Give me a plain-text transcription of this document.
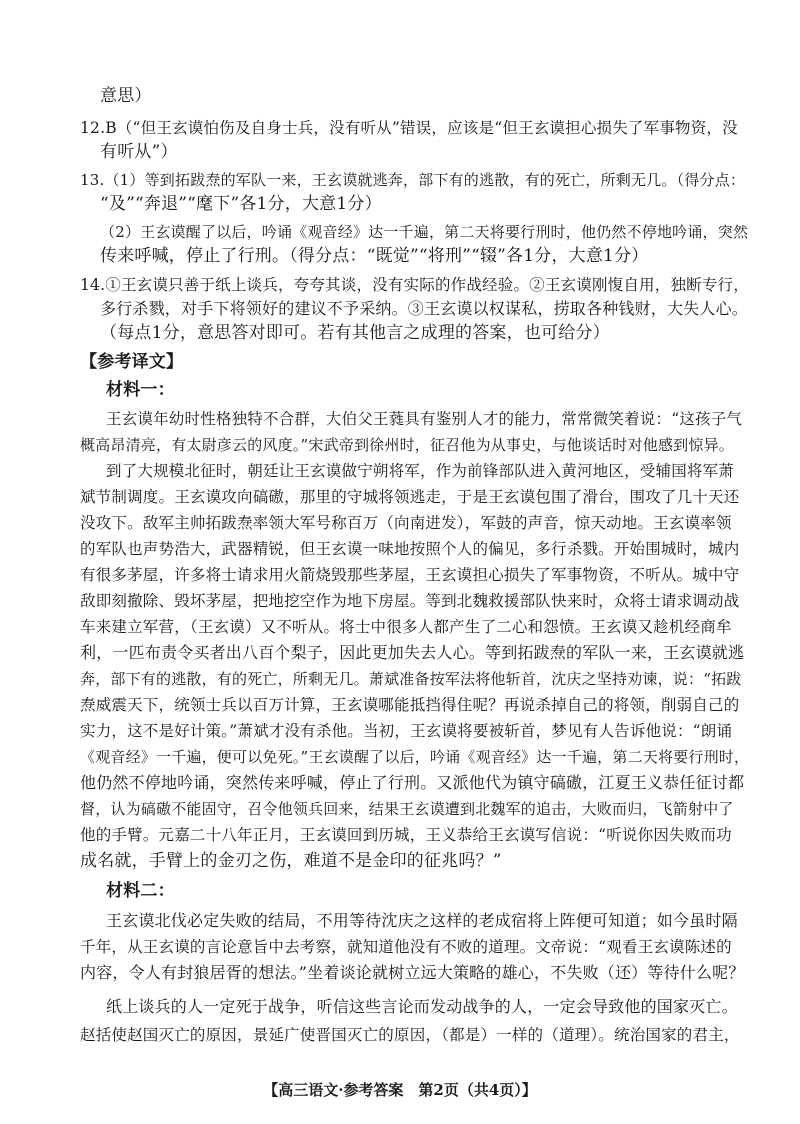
意思）
12.B（“但王玄谟怕伤及自身士兵，没有听从”错误，应该是“但王玄谟担心损失了军事物资，没
有听从”）
13.（1）等到拓跋焘的军队一来，王玄谟就逃奔，部下有的逃散，有的死亡，所剩无几。（得分点：
“及”“奔退”“麾下”各1分，大意1分）
（2）王玄谟醒了以后，吟诵《观音经》达一千遍，第二天将要行刑时，他仍然不停地吟诵，突然
传来呼喊，停止了行刑。（得分点：“既觉”“将刑”“辍”各1分，大意1分）
14.①王玄谟只善于纸上谈兵，夸夸其谈，没有实际的作战经验。②王玄谟刚愎自用，独断专行，
多行杀戮，对手下将领好的建议不予采纳。③王玄谟以权谋私，捞取各种钱财，大失人心。
（每点1分，意思答对即可。若有其他言之成理的答案，也可给分）
【参考译文】
材料一：
王玄谟年幼时性格独特不合群，大伯父王蕤具有鉴别人才的能力，常常微笑着说：“这孩子气
概高昂清亮，有太尉彦云的风度。”宋武帝到徐州时，征召他为从事史，与他谈话时对他感到惊异。
到了大规模北征时，朝廷让王玄谟做宁朔将军，作为前锋部队进入黄河地区，受辅国将军萧
斌节制调度。王玄谟攻向碻磝，那里的守城将领逃走，于是王玄谟包围了滑台，围攻了几十天还
没攻下。敌军主帅拓跋焘率领大军号称百万（向南进发），军鼓的声音，惊天动地。王玄谟率领
的军队也声势浩大，武器精锐，但王玄谟一味地按照个人的偏见，多行杀戮。开始围城时，城内
有很多茅屋，许多将士请求用火箭烧毁那些茅屋，王玄谟担心损失了军事物资，不听从。城中守
敌即刻撤除、毁坏茅屋，把地挖空作为地下房屋。等到北魏救援部队快来时，众将士请求调动战
车来建立军营，（王玄谟）又不听从。将士中很多人都产生了二心和怨愤。王玄谟又趁机经商牟
利，一匹布责令买者出八百个梨子，因此更加失去人心。等到拓跋焘的军队一来，王玄谟就逃
奔，部下有的逃散，有的死亡，所剩无几。萧斌准备按军法将他斩首，沈庆之坚持劝谏，说：“拓跋
焘威震天下，统领士兵以百万计算，王玄谟哪能抵挡得住呢？再说杀掉自己的将领，削弱自己的
实力，这不是好计策。”萧斌才没有杀他。当初，王玄谟将要被斩首，梦见有人告诉他说：“朗诵
《观音经》一千遍，便可以免死。”王玄谟醒了以后，吟诵《观音经》达一千遍，第二天将要行刑时，
他仍然不停地吟诵，突然传来呼喊，停止了行刑。又派他代为镇守碻磝，江夏王义恭任征讨都
督，认为碻磝不能固守，召令他领兵回来，结果王玄谟遭到北魏军的追击，大败而归，飞箭射中了
他的手臂。元嘉二十八年正月，王玄谟回到历城，王义恭给王玄谟写信说：“听说你因失败而功
成名就，手臂上的金刃之伤，难道不是金印的征兆吗？”
材料二：
王玄谟北伐必定失败的结局，不用等待沈庆之这样的老成宿将上阵便可知道；如今虽时隔
千年，从王玄谟的言论意旨中去考察，就知道他没有不败的道理。文帝说：“观看王玄谟陈述的
内容，令人有封狼居胥的想法。”坐着谈论就树立远大策略的雄心，不失败（还）等待什么呢？
纸上谈兵的人一定死于战争，听信这些言论而发动战争的人，一定会导致他的国家灭亡。
赵括使赵国灭亡的原因，景延广使晋国灭亡的原因，（都是）一样的（道理）。统治国家的君主，
【高三语文·参考答案　第2页（共4页）】
